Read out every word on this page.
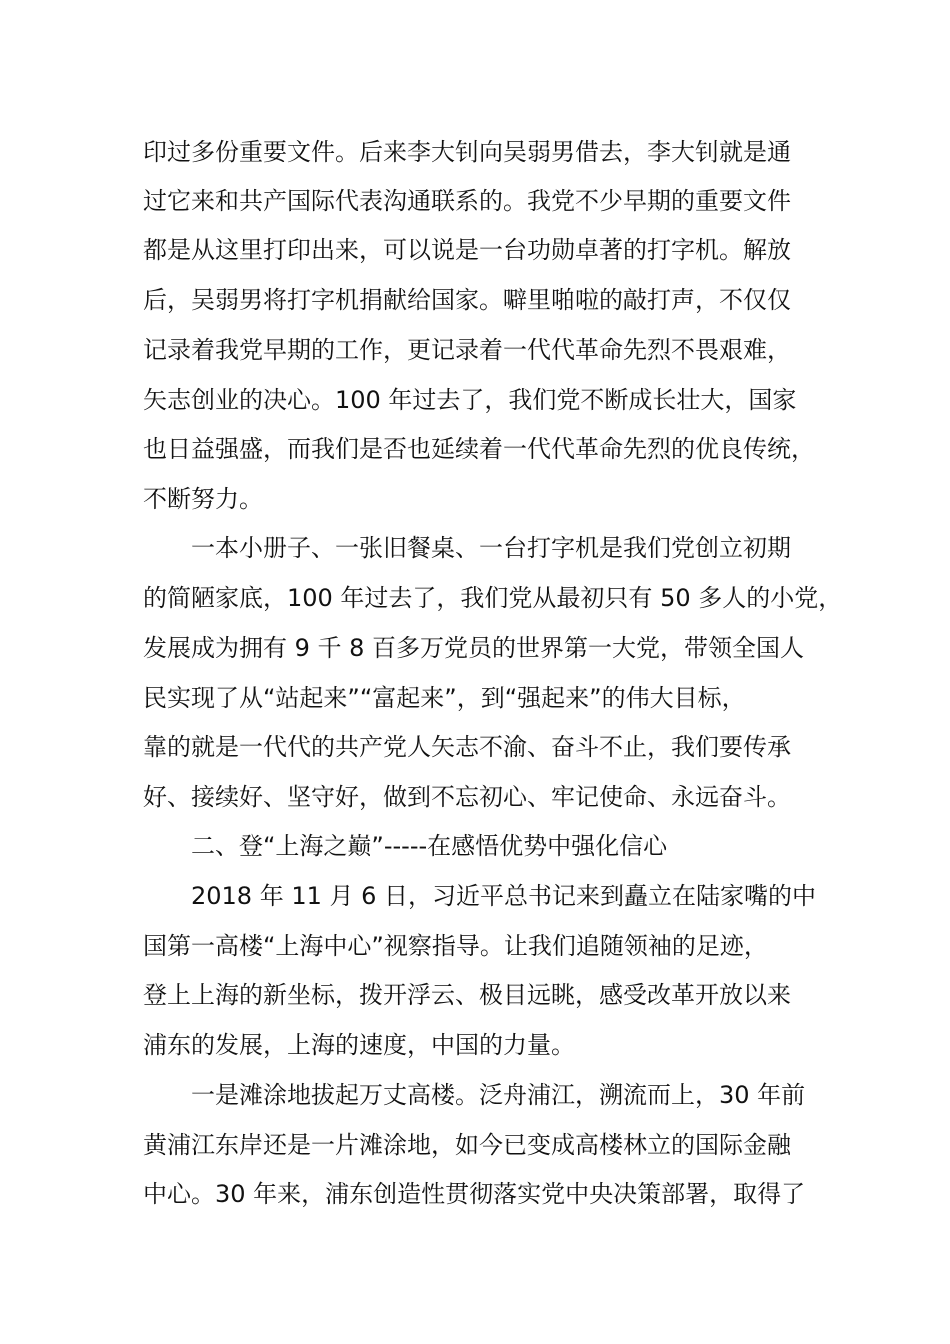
印过多份重要文件。后来李大钊向吴弱男借去，李大钊就是通
过它来和共产国际代表沟通联系的。我党不少早期的重要文件
都是从这里打印出来，可以说是一台功勋卓著的打字机。解放
后，吴弱男将打字机捐献给国家。噼里啪啦的敲打声，不仅仅
记录着我党早期的工作，更记录着一代代革命先烈不畏艰难，
矢志创业的决心。100 年过去了，我们党不断成长壮大，国家
也日益强盛，而我们是否也延续着一代代革命先烈的优良传统，
不断努力。
一本小册子、一张旧餐桌、一台打字机是我们党创立初期
的简陋家底，100 年过去了，我们党从最初只有 50 多人的小党，
发展成为拥有 9 千 8 百多万党员的世界第一大党，带领全国人
民实现了从“站起来”“富起来”，到“强起来”的伟大目标，
靠的就是一代代的共产党人矢志不渝、奋斗不止，我们要传承
好、接续好、坚守好，做到不忘初心、牢记使命、永远奋斗。
二、登“上海之巅”-----在感悟优势中强化信心
2018 年 11 月 6 日，习近平总书记来到矗立在陆家嘴的中
国第一高楼“上海中心”视察指导。让我们追随领袖的足迹，
登上上海的新坐标，拨开浮云、极目远眺，感受改革开放以来
浦东的发展，上海的速度，中国的力量。
一是滩涂地拔起万丈高楼。泛舟浦江，溯流而上，30 年前
黄浦江东岸还是一片滩涂地，如今已变成高楼林立的国际金融
中心。30 年来，浦东创造性贯彻落实党中央决策部署，取得了
